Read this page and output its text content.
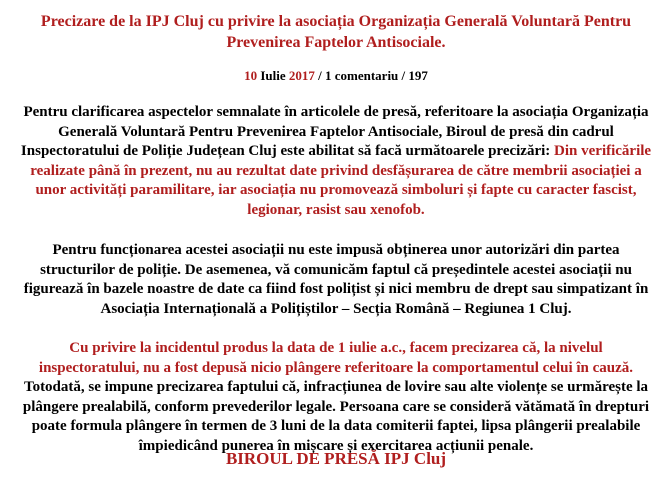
Precizare de la IPJ Cluj cu privire la asociația Organizația Generală Voluntară Pentru
Prevenirea Faptelor Antisociale.
10 Iulie 2017 / 1 comentariu / 197
Pentru clarificarea aspectelor semnalate în articolele de presă, referitoare la asociația Organizația Generală Voluntară Pentru Prevenirea Faptelor Antisociale, Biroul de presă din cadrul Inspectoratului de Poliție Județean Cluj este abilitat să facă următoarele precizări: Din verificările realizate până în prezent, nu au rezultat date privind desfășurarea de către membrii asociației a unor activități paramilitare, iar asociația nu promovează simboluri și fapte cu caracter fascist, legionar, rasist sau xenofob.
Pentru funcționarea acestei asociații nu este impusă obținerea unor autorizări din partea structurilor de poliție. De asemenea, vă comunicăm faptul că președintele acestei asociații nu figurează în bazele noastre de date ca fiind fost polițist și nici membru de drept sau simpatizant în Asociația Internațională a Polițiștilor – Secția Română – Regiunea 1 Cluj.
Cu privire la incidentul produs la data de 1 iulie a.c., facem precizarea că, la nivelul inspectoratului, nu a fost depusă nicio plângere referitoare la comportamentul celui în cauză. Totodată, se impune precizarea faptului că, infracțiunea de lovire sau alte violențe se urmărește la plângere prealabilă, conform prevederilor legale. Persoana care se consideră vătămată în drepturi poate formula plângere în termen de 3 luni de la data comiterii faptei, lipsa plângerii prealabile împiedicând punerea în mișcare și exercitarea acțiunii penale.
BIROUL DE PRESĂ IPJ Cluj
